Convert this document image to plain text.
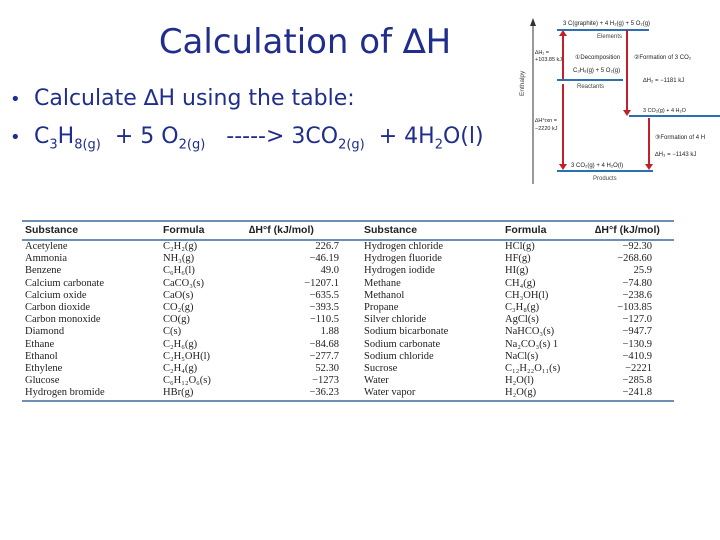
Calculation of ∆H
• Calculate ∆H using the table:
• $C_3H_{8(g)} + 5$ $O_{2(g)}$ -----> $3CO_{2(g)} + 4H_2O(l)$
Enthalpy
3 C(graphite) + 4 H₂(g) + 5 O₂(g)
Elements
∆H₁ =
+103.85 kJ ①Decomposition ②Formation of 3 CO₂
C₃H₈(g) + 5 O₂(g)
Reactants
∆H₂ = −1181 kJ
∆H°rxn =
−2220 kJ
3 CO₂(g) + 4 H₂O
③Formation of 4 H
∆H₃ = −1143 kJ
3 CO₂(g) + 4 H₂O(l)
Products
Substance	Formula	∆H°f (kJ/mol)	Substance	Formula	∆H°f (kJ/mol)
Acetylene	C₂H₂(g)	226.7	Hydrogen chloride	HCl(g)	−92.30
Ammonia	NH₃(g)	−46.19	Hydrogen fluoride	HF(g)	−268.60
Benzene	C₆H₆(l)	49.0	Hydrogen iodide	HI(g)	25.9
Calcium carbonate	CaCO₃(s)	−1207.1	Methane	CH₄(g)	−74.80
Calcium oxide	CaO(s)	−635.5	Methanol	CH₃OH(l)	−238.6
Carbon dioxide	CO₂(g)	−393.5	Propane	C₃H₈(g)	−103.85
Carbon monoxide	CO(g)	−110.5	Silver chloride	AgCl(s)	−127.0
Diamond	C(s)	1.88	Sodium bicarbonate	NaHCO₃(s)	−947.7
Ethane	C₂H₆(g)	−84.68	Sodium carbonate	Na₂CO₃(s) 1	−130.9
Ethanol	C₂H₅OH(l)	−277.7	Sodium chloride	NaCl(s)	−410.9
Ethylene	C₂H₄(g)	52.30	Sucrose	C₁₂H₂₂O₁₁(s)	−2221
Glucose	C₆H₁₂O₆(s)	−1273	Water	H₂O(l)	−285.8
Hydrogen bromide	HBr(g)	−36.23	Water vapor	H₂O(g)	−241.8
